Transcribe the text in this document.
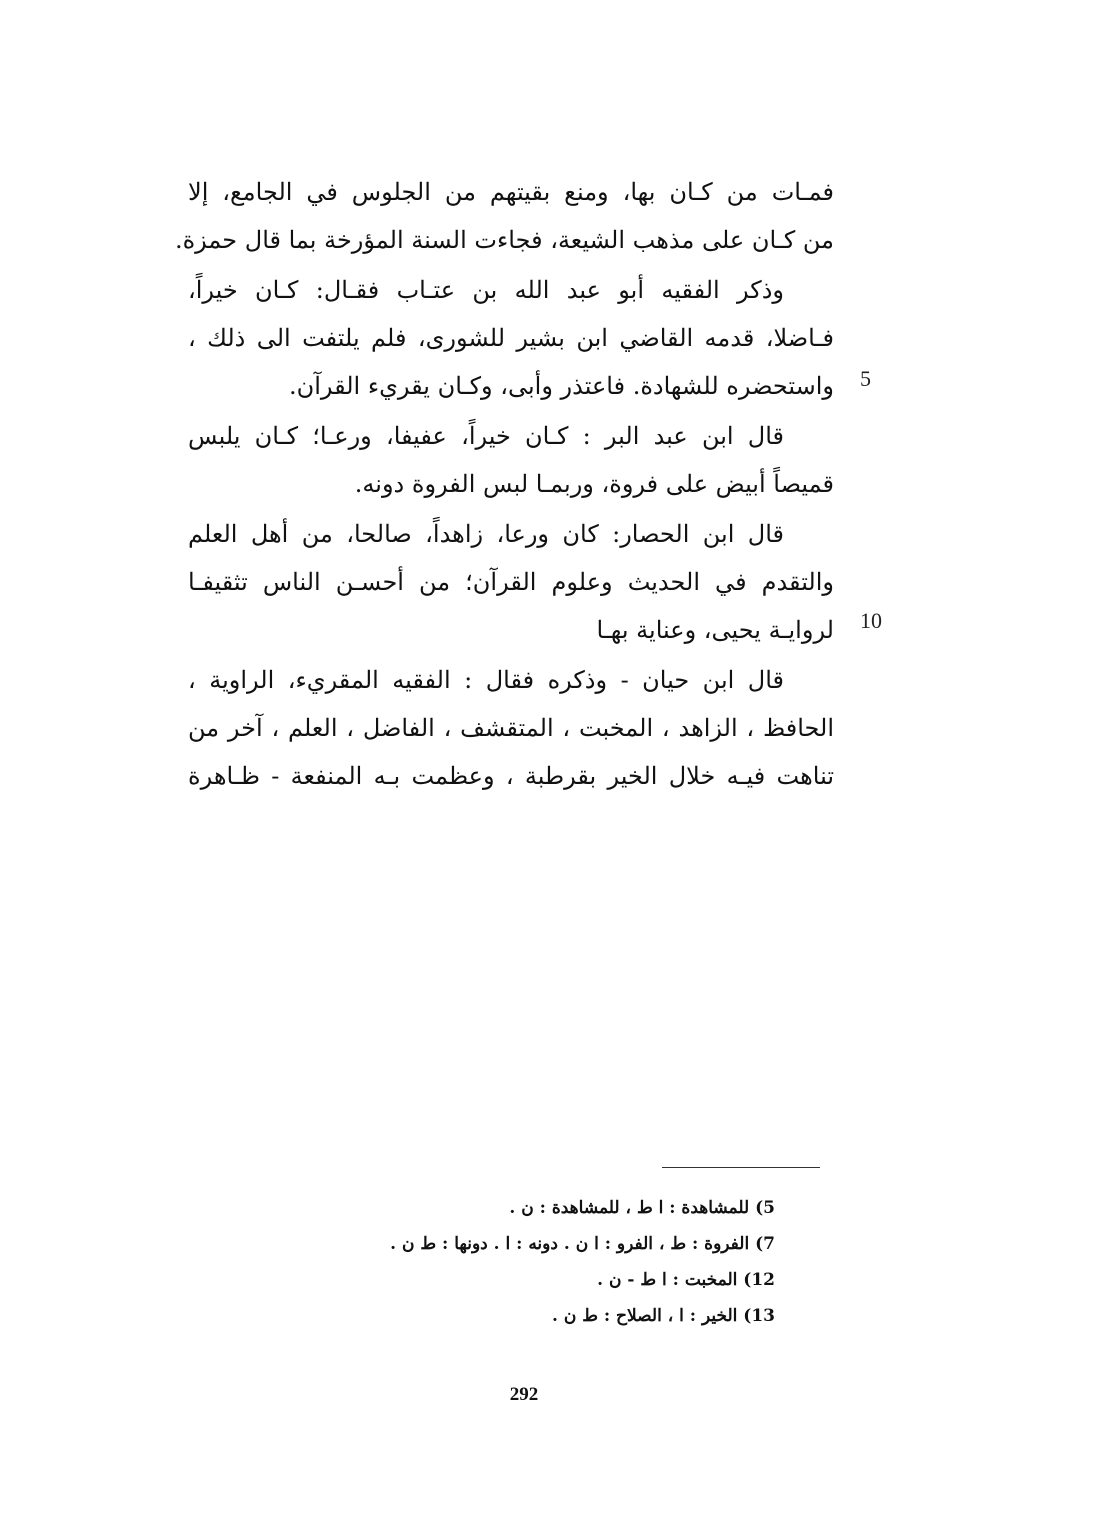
فمـات من كـان بها، ومنع بقيتهم من الجلوس في الجامع، إلا
من كـان على مذهب الشيعة، فجاءت السنة المؤرخة بما قال حمزة.
وذكر الفقيه أبو عبد الله بن عتـاب فقـال: كـان خيراً،
فـاضلا، قدمه القاضي ابن بشير للشورى، فلم يلتفت الى ذلك ،
واستحضره للشهادة. فاعتذر وأبى، وكـان يقريء القرآن.
قال ابن عبد البر : كـان خيراً، عفيفا، ورعـا؛ كـان يلبس
قميصاً أبيض على فروة، وربمـا لبس الفروة دونه.
قال ابن الحصار: كان ورعا، زاهداً، صالحا، من أهل العلم
والتقدم في الحديث وعلوم القرآن؛ من أحسـن الناس تثقيفـا
لروايـة يحيى، وعناية بهـا
قال ابن حيان - وذكره فقال : الفقيه المقريء، الراوية ،
الحافظ ، الزاهد ، المخبت ، المتقشف ، الفاضل ، العلم ، آخر من
تناهت فيـه خلال الخير بقرطبة ، وعظمت بـه المنفعة - ظـاهرة
5
10
5) للمشاهدة : ا ط ، للمشاهدة : ن .
7) الفروة : ط ، الفرو : ا ن . دونه : ا . دونها : ط ن .
12) المخبت : ا ط - ن .
13) الخير : ا ، الصلاح : ط ن .
292
